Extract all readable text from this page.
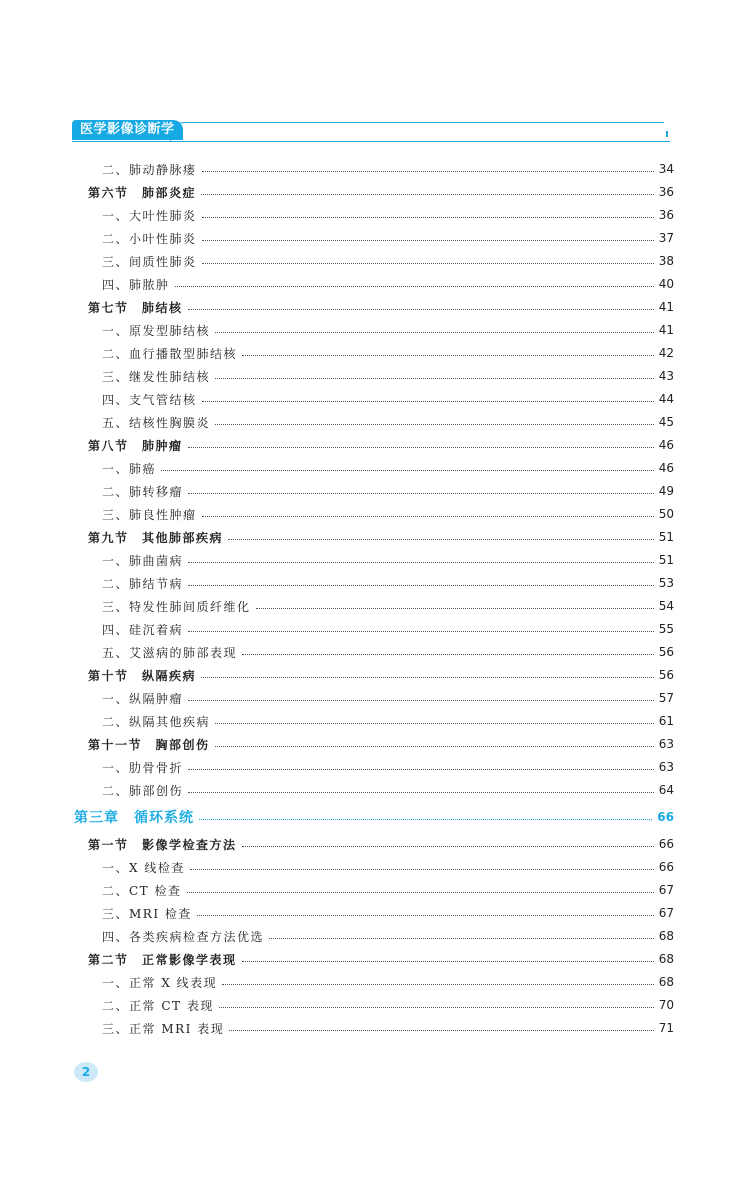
医学影像诊断学
二、肺动静脉瘘	34
第六节　肺部炎症	36
一、大叶性肺炎	36
二、小叶性肺炎	37
三、间质性肺炎	38
四、肺脓肿	40
第七节　肺结核	41
一、原发型肺结核	41
二、血行播散型肺结核	42
三、继发性肺结核	43
四、支气管结核	44
五、结核性胸膜炎	45
第八节　肺肿瘤	46
一、肺癌	46
二、肺转移瘤	49
三、肺良性肿瘤	50
第九节　其他肺部疾病	51
一、肺曲菌病	51
二、肺结节病	53
三、特发性肺间质纤维化	54
四、硅沉着病	55
五、艾滋病的肺部表现	56
第十节　纵隔疾病	56
一、纵隔肿瘤	57
二、纵隔其他疾病	61
第十一节　胸部创伤	63
一、肋骨骨折	63
二、肺部创伤	64
第三章　循环系统	66
第一节　影像学检查方法	66
一、X 线检查	66
二、CT 检查	67
三、MRI 检查	67
四、各类疾病检查方法优选	68
第二节　正常影像学表现	68
一、正常 X 线表现	68
二、正常 CT 表现	70
三、正常 MRI 表现	71
2
